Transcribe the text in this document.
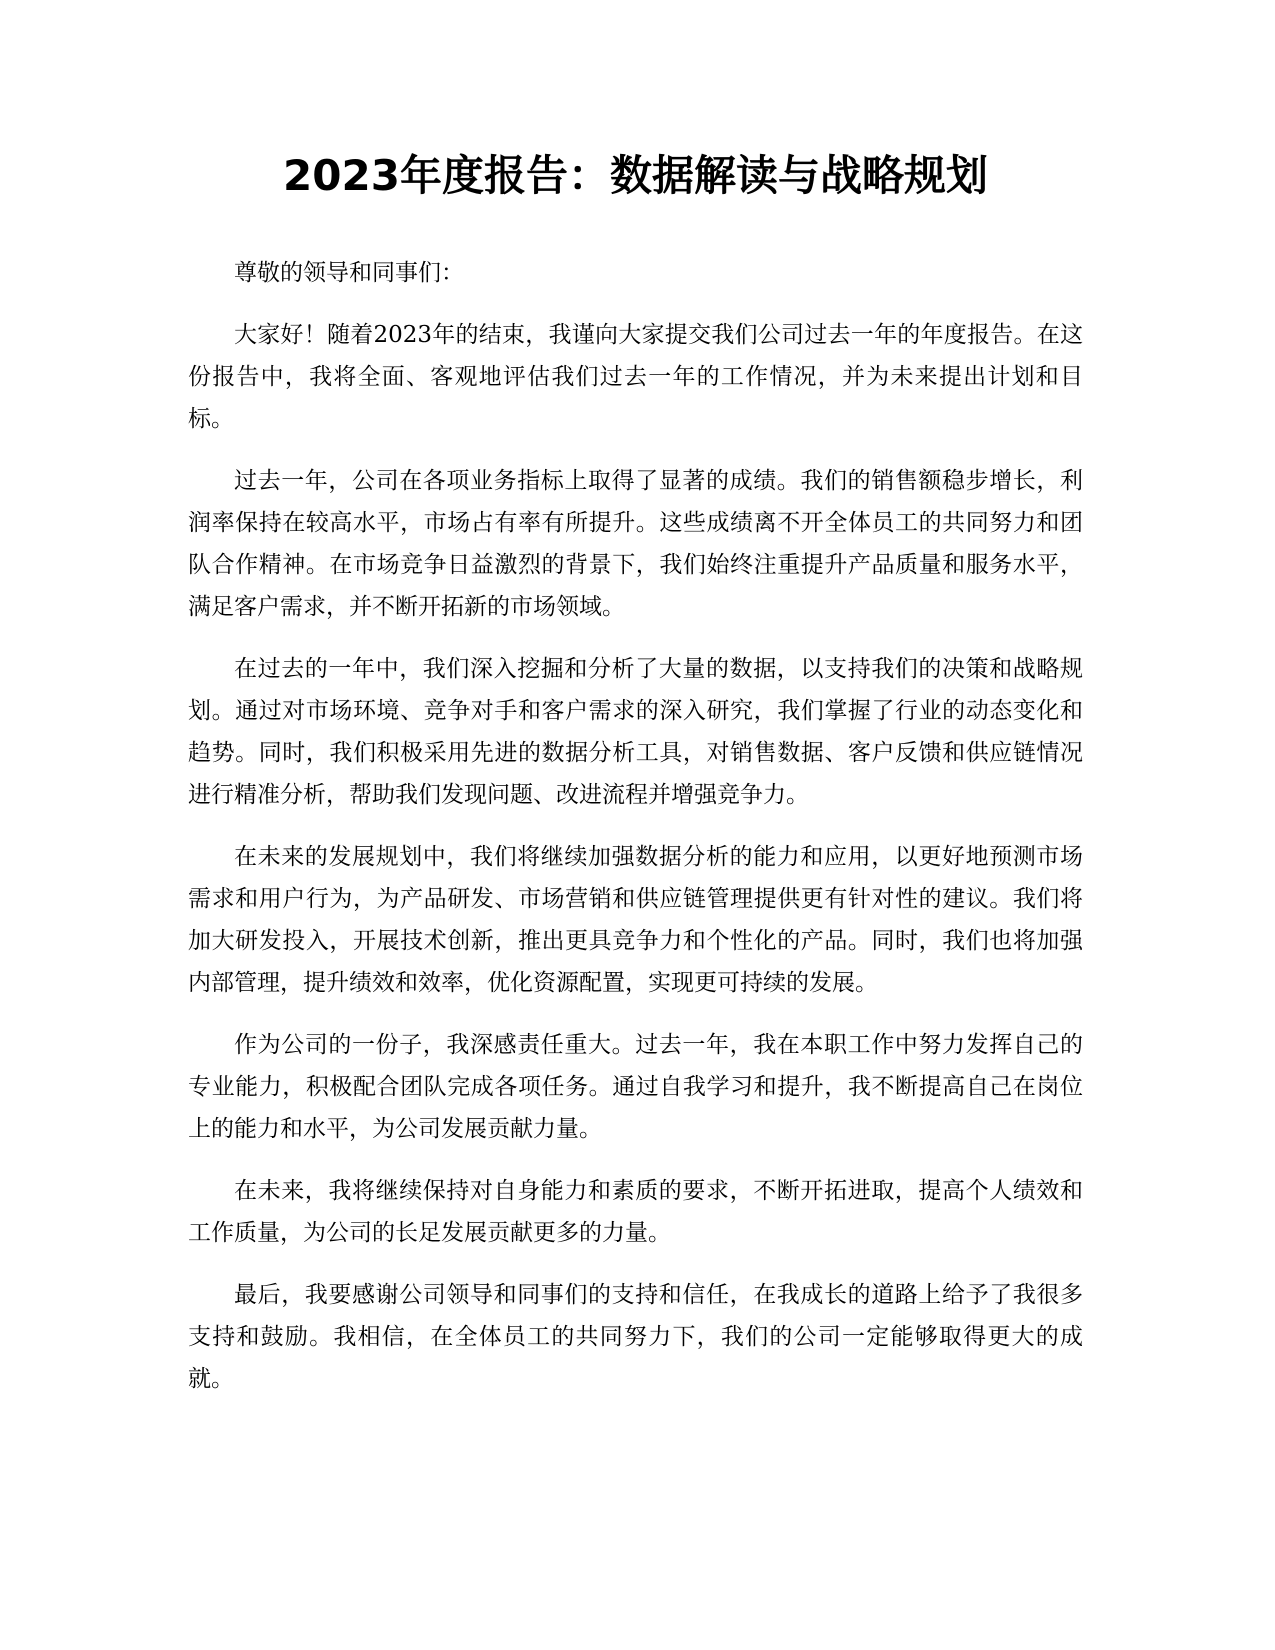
2023年度报告：数据解读与战略规划

尊敬的领导和同事们：

大家好！随着2023年的结束，我谨向大家提交我们公司过去一年的年度报告。在这份报告中，我将全面、客观地评估我们过去一年的工作情况，并为未来提出计划和目标。

过去一年，公司在各项业务指标上取得了显著的成绩。我们的销售额稳步增长，利润率保持在较高水平，市场占有率有所提升。这些成绩离不开全体员工的共同努力和团队合作精神。在市场竞争日益激烈的背景下，我们始终注重提升产品质量和服务水平，满足客户需求，并不断开拓新的市场领域。

在过去的一年中，我们深入挖掘和分析了大量的数据，以支持我们的决策和战略规划。通过对市场环境、竞争对手和客户需求的深入研究，我们掌握了行业的动态变化和趋势。同时，我们积极采用先进的数据分析工具，对销售数据、客户反馈和供应链情况进行精准分析，帮助我们发现问题、改进流程并增强竞争力。

在未来的发展规划中，我们将继续加强数据分析的能力和应用，以更好地预测市场需求和用户行为，为产品研发、市场营销和供应链管理提供更有针对性的建议。我们将加大研发投入，开展技术创新，推出更具竞争力和个性化的产品。同时，我们也将加强内部管理，提升绩效和效率，优化资源配置，实现更可持续的发展。

作为公司的一份子，我深感责任重大。过去一年，我在本职工作中努力发挥自己的专业能力，积极配合团队完成各项任务。通过自我学习和提升，我不断提高自己在岗位上的能力和水平，为公司发展贡献力量。

在未来，我将继续保持对自身能力和素质的要求，不断开拓进取，提高个人绩效和工作质量，为公司的长足发展贡献更多的力量。

最后，我要感谢公司领导和同事们的支持和信任，在我成长的道路上给予了我很多支持和鼓励。我相信，在全体员工的共同努力下，我们的公司一定能够取得更大的成就。
